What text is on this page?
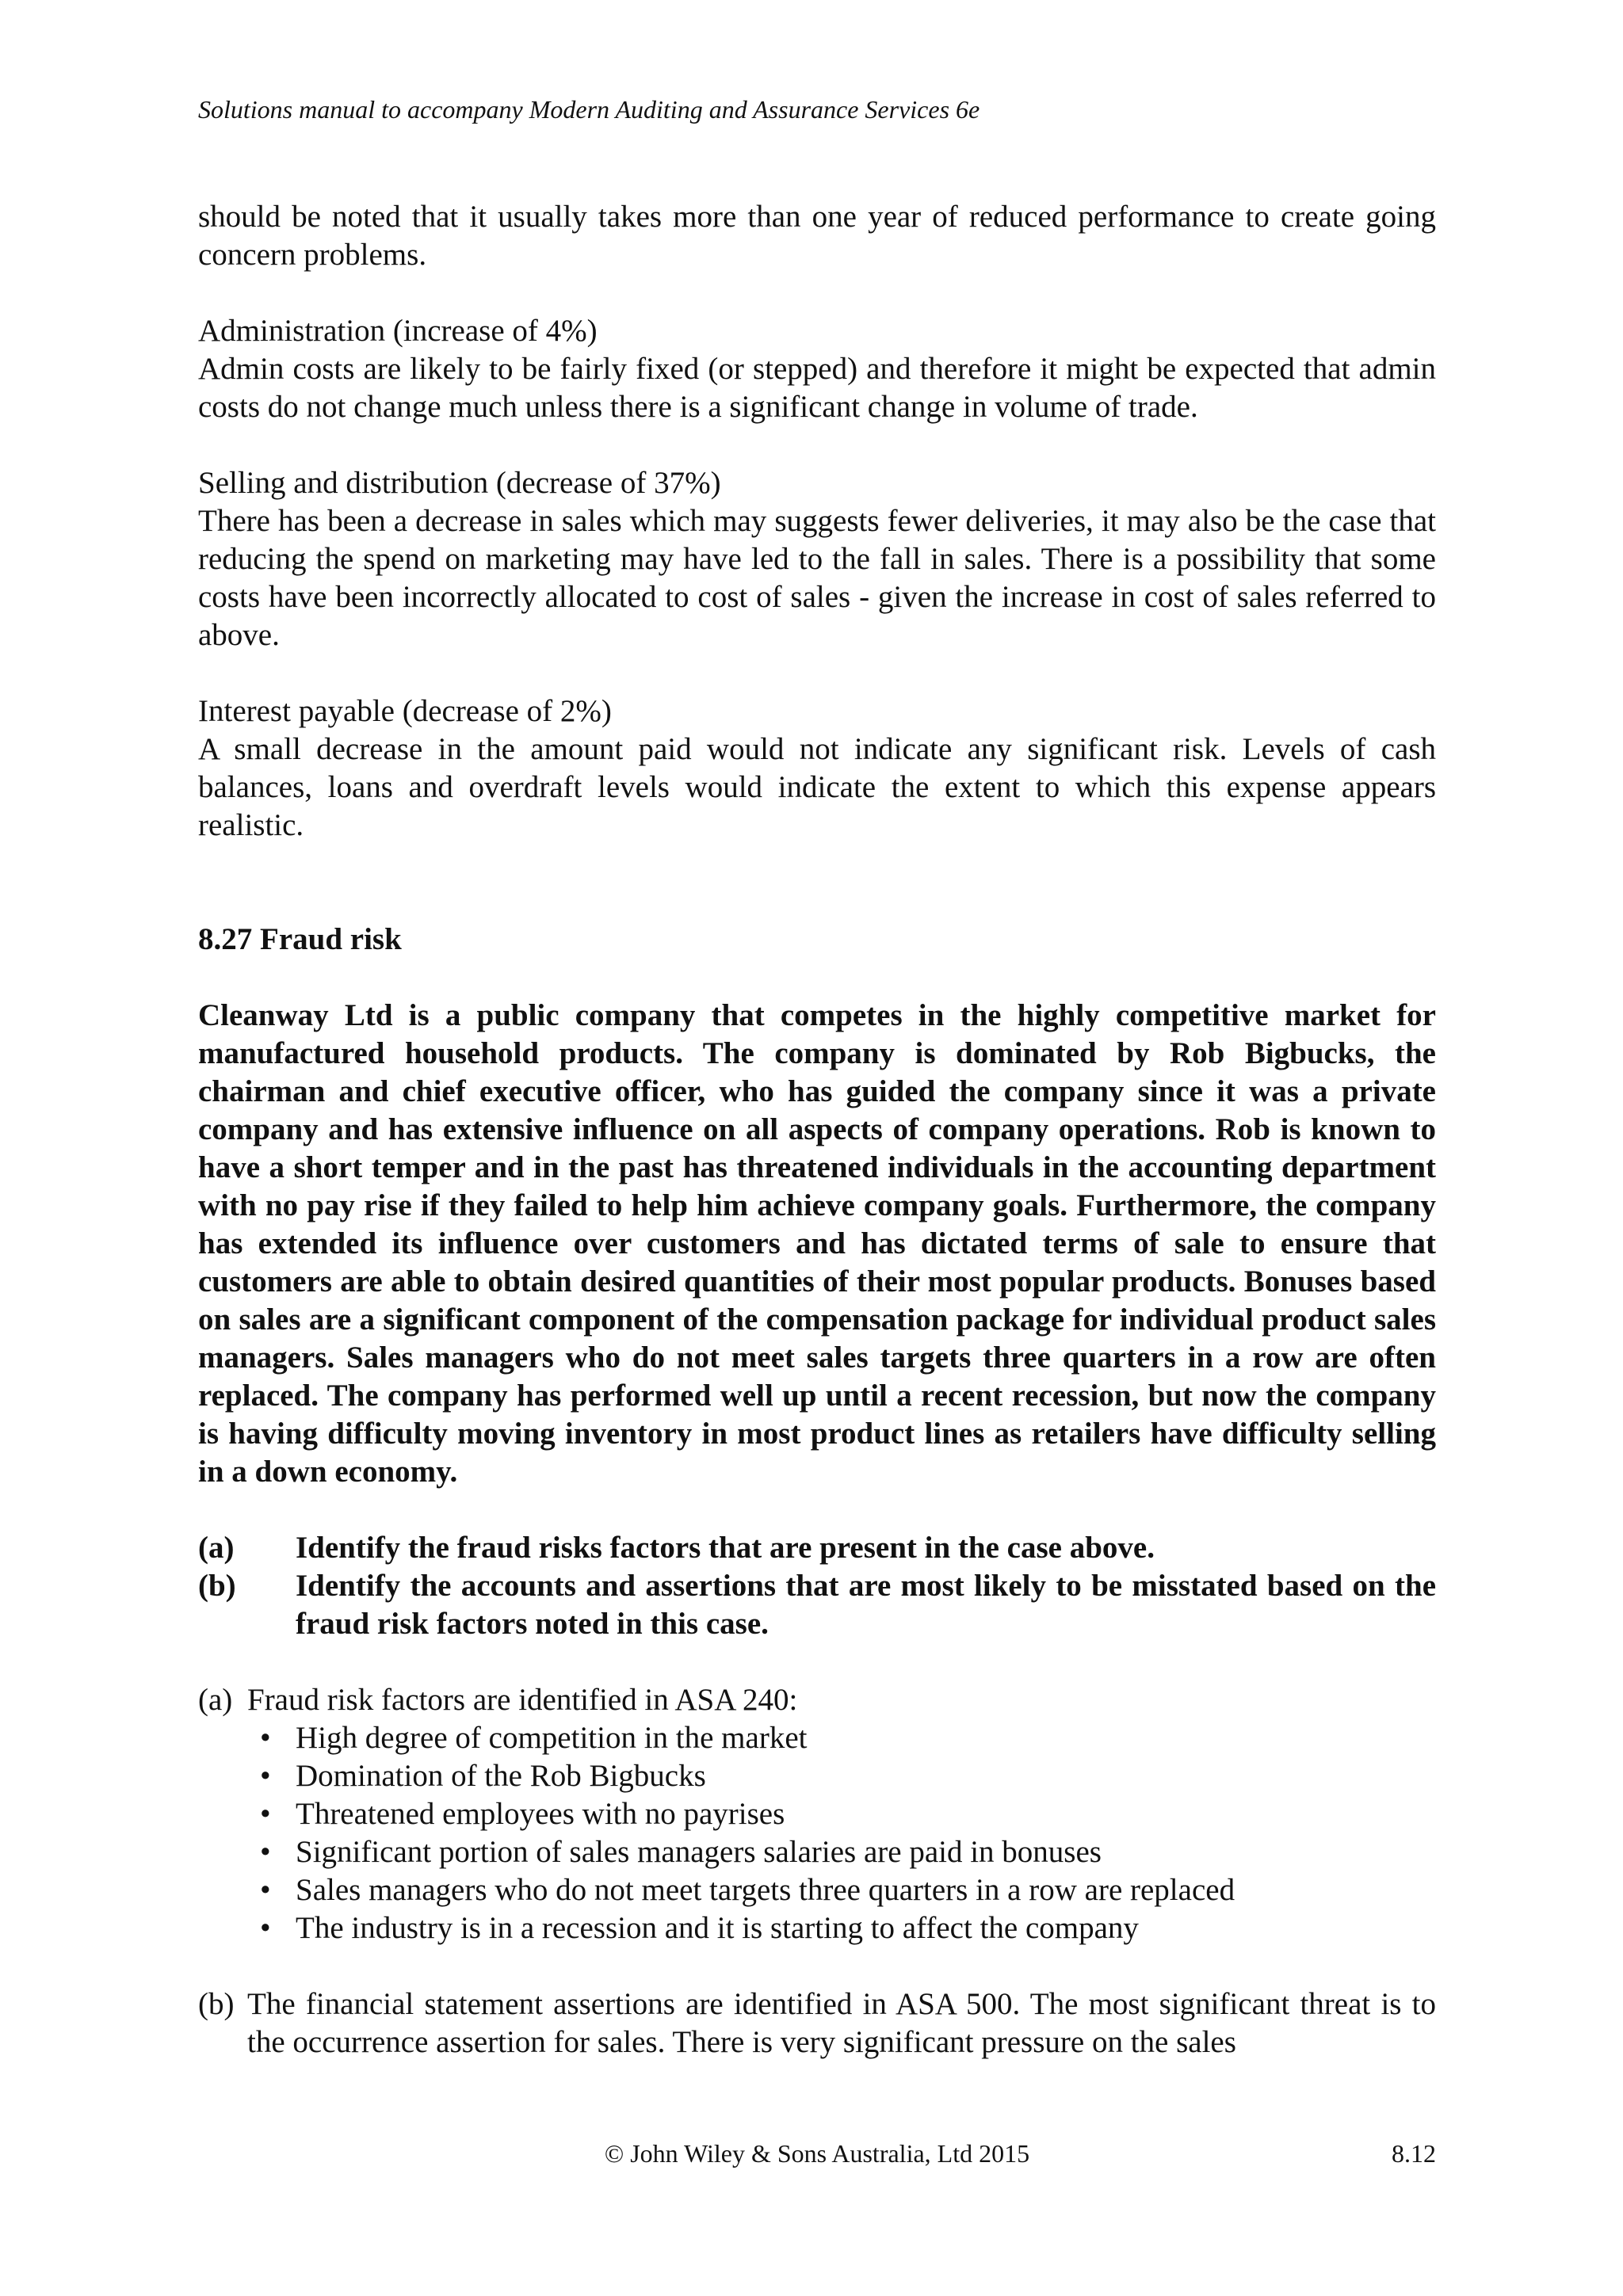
Solutions manual to accompany Modern Auditing and Assurance Services 6e

should be noted that it usually takes more than one year of reduced performance to create going concern problems.

Administration (increase of 4%)

Admin costs are likely to be fairly fixed (or stepped) and therefore it might be expected that admin costs do not change much unless there is a significant change in volume of trade.

Selling and distribution (decrease of 37%)

There has been a decrease in sales which may suggests fewer deliveries, it may also be the case that reducing the spend on marketing may have led to the fall in sales. There is a possibility that some costs have been incorrectly allocated to cost of sales - given the increase in cost of sales referred to above.

Interest payable (decrease of 2%)

A small decrease in the amount paid would not indicate any significant risk. Levels of cash balances, loans and overdraft levels would indicate the extent to which this expense appears realistic.

8.27 Fraud risk

Cleanway Ltd is a public company that competes in the highly competitive market for manufactured household products. The company is dominated by Rob Bigbucks, the chairman and chief executive officer, who has guided the company since it was a private company and has extensive influence on all aspects of company operations. Rob is known to have a short temper and in the past has threatened individuals in the accounting department with no pay rise if they failed to help him achieve company goals. Furthermore, the company has extended its influence over customers and has dictated terms of sale to ensure that customers are able to obtain desired quantities of their most popular products. Bonuses based on sales are a significant component of the compensation package for individual product sales managers. Sales managers who do not meet sales targets three quarters in a row are often replaced. The company has performed well up until a recent recession, but now the company is having difficulty moving inventory in most product lines as retailers have difficulty selling in a down economy.

(a)	Identify the fraud risks factors that are present in the case above.
(b)	Identify the accounts and assertions that are most likely to be misstated based on the fraud risk factors noted in this case.
(a) Fraud risk factors are identified in ASA 240:
• High degree of competition in the market
• Domination of the Rob Bigbucks
• Threatened employees with no payrises
• Significant portion of sales managers salaries are paid in bonuses
• Sales managers who do not meet targets three quarters in a row are replaced
• The industry is in a recession and it is starting to affect the company
(b) The financial statement assertions are identified in ASA 500. The most significant threat is to the occurrence assertion for sales. There is very significant pressure on the sales
© John Wiley & Sons Australia, Ltd 2015	8.12
